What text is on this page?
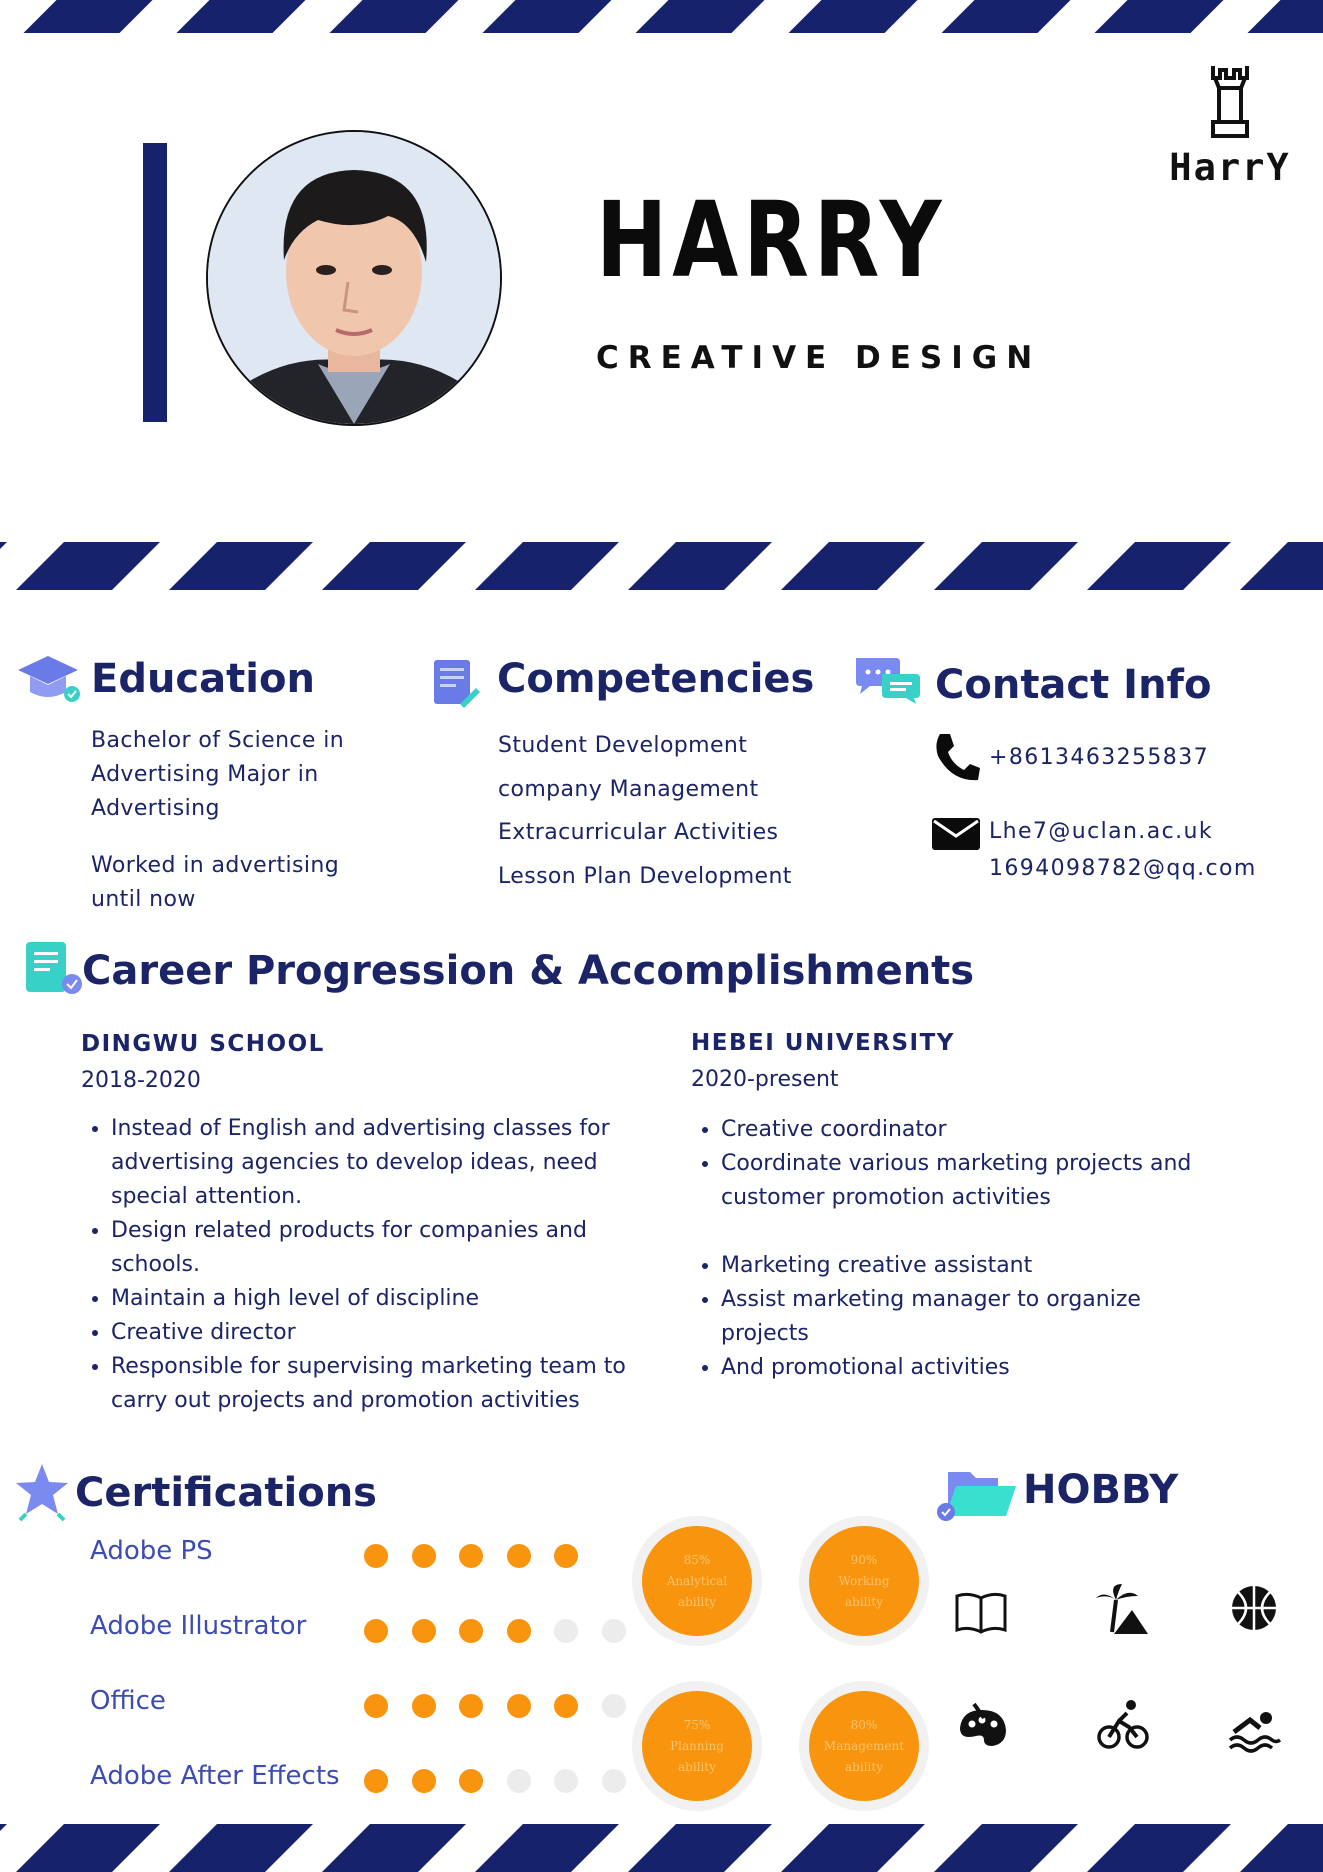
HARRY
CREATIVE DESIGN
HarrY
Education
Bachelor of Science in
Advertising Major in
Advertising
Worked in advertising
until now
Competencies
Student Development
company Management
Extracurricular Activities
Lesson Plan Development
Contact Info
+8613463255837
Lhe7@uclan.ac.uk
1694098782@qq.com
Career Progression & Accomplishments
DINGWU SCHOOL
2018-2020
• Instead of English and advertising classes for advertising agencies to develop ideas, need special attention.
• Design related products for companies and schools.
• Maintain a high level of discipline
• Creative director
• Responsible for supervising marketing team to carry out projects and promotion activities
HEBEI UNIVERSITY
2020-present
• Creative coordinator
• Coordinate various marketing projects and customer promotion activities
• Marketing creative assistant
• Assist marketing manager to organize projects
• And promotional activities
Certifications
Adobe PS
Adobe Illustrator
Office
Adobe After Effects
85%
Analytical
ability
90%
Working
ability
75%
Planning
ability
80%
Management
ability
HOBBY
